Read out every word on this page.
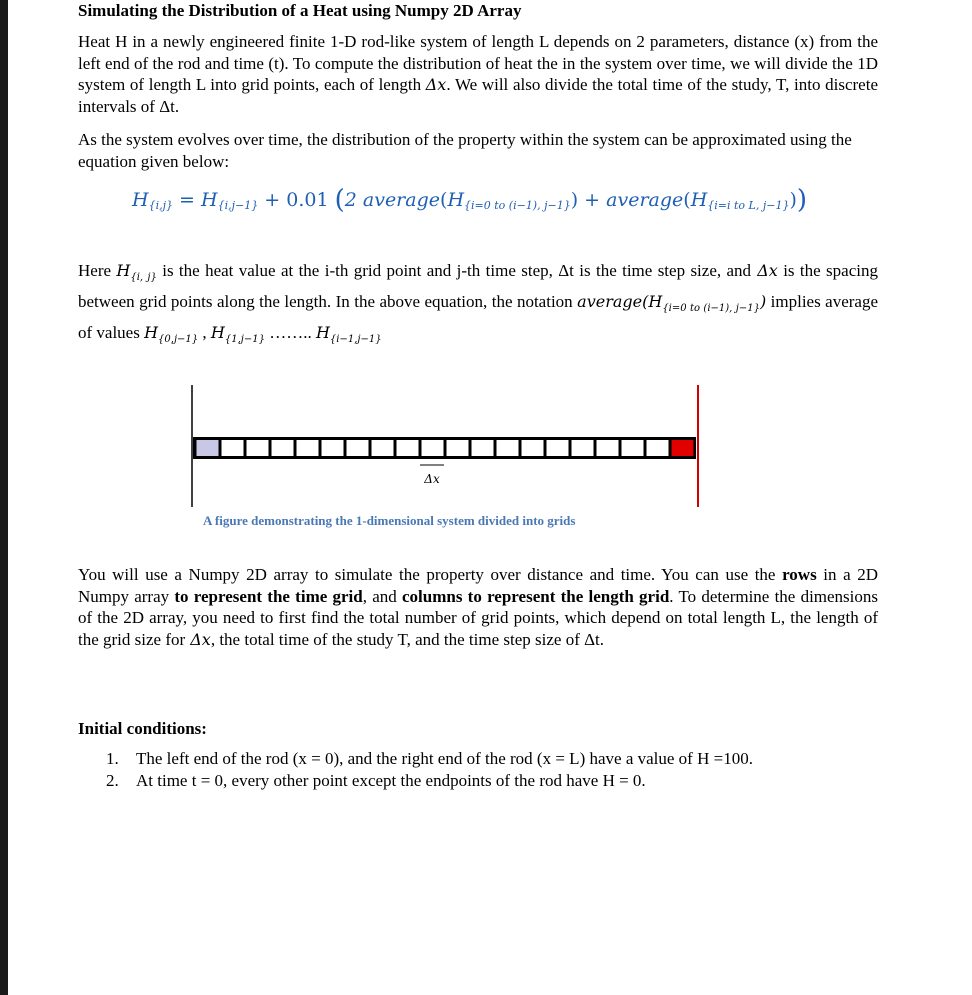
Simulating the Distribution of a Heat using Numpy 2D Array

Heat H in a newly engineered finite 1-D rod-like system of length L depends on 2 parameters, distance (x) from the left end of the rod and time (t). To compute the distribution of heat the in the system over time, we will divide the 1D system of length L into grid points, each of length Δx. We will also divide the total time of the study, T, into discrete intervals of Δt.

As the system evolves over time, the distribution of the property within the system can be approximated using the equation given below:

$H_{\{i,j\}} = H_{\{i,j-1\}} + 0.01$ (2 $average(H_{\{i=0 to (i-1), j-1\}})$ + $average(H_{\{i=i to L, j-1\}})$)

Here $H_{\{i, j\}}$ is the heat value at the i-th grid point and j-th time step, Δt is the time step size, and Δx is the spacing between grid points along the length. In the above equation, the notation $average(H_{\{i=0 to (i-1), j-1\}})$ implies average of values $H_{\{0,j-1\}}$ , $H_{\{1,j-1\}}$ …….. $H_{\{i-1,j-1\}}$

You will use a Numpy 2D array to simulate the property over distance and time. You can use the rows in a 2D Numpy array to represent the time grid, and columns to represent the length grid. To determine the dimensions of the 2D array, you need to first find the total number of grid points, which depend on total length L, the length of the grid size for Δx, the total time of the study T, and the time step size of Δt.

Initial conditions:
1.	The left end of the rod (x = 0), and the right end of the rod (x = L) have a value of H =100.
2.	At time t = 0, every other point except the endpoints of the rod have H = 0.
Δx
A figure demonstrating the 1-dimensional system divided into grids
